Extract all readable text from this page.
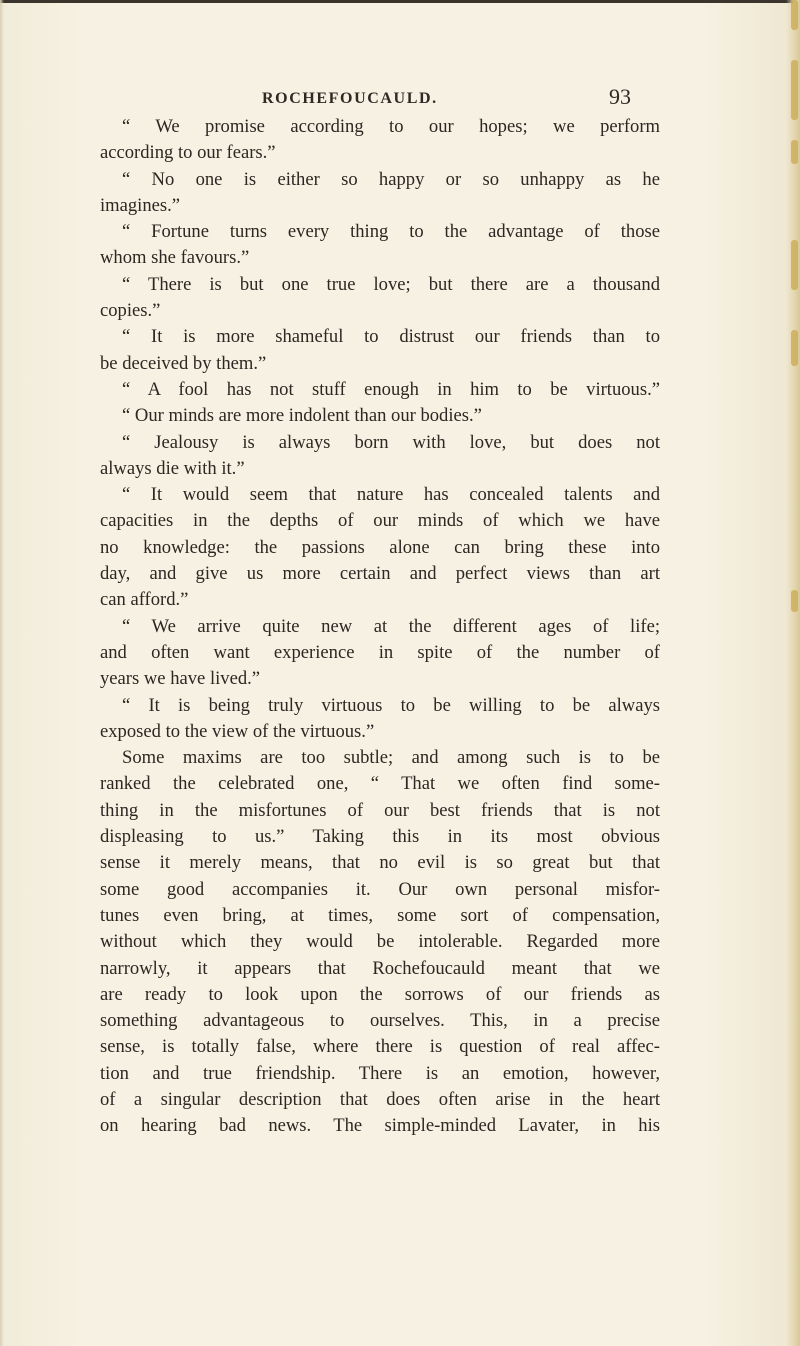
ROCHEFOUCAULD.	93
“ We promise according to our hopes; we perform
according to our fears.”
“ No one is either so happy or so unhappy as he
imagines.”
“ Fortune turns every thing to the advantage of those
whom she favours.”
“ There is but one true love; but there are a thousand
copies.”
“ It is more shameful to distrust our friends than to
be deceived by them.”
“ A fool has not stuff enough in him to be virtuous.”
“ Our minds are more indolent than our bodies.”
“ Jealousy is always born with love, but does not
always die with it.”
“ It would seem that nature has concealed talents and
capacities in the depths of our minds of which we have
no knowledge: the passions alone can bring these into
day, and give us more certain and perfect views than art
can afford.”
“ We arrive quite new at the different ages of life;
and often want experience in spite of the number of
years we have lived.”
“ It is being truly virtuous to be willing to be always
exposed to the view of the virtuous.”
Some maxims are too subtle; and among such is to be
ranked the celebrated one, “ That we often find some-
thing in the misfortunes of our best friends that is not
displeasing to us.” Taking this in its most obvious
sense it merely means, that no evil is so great but that
some good accompanies it. Our own personal misfor-
tunes even bring, at times, some sort of compensation,
without which they would be intolerable. Regarded more
narrowly, it appears that Rochefoucauld meant that we
are ready to look upon the sorrows of our friends as
something advantageous to ourselves. This, in a precise
sense, is totally false, where there is question of real affec-
tion and true friendship. There is an emotion, however,
of a singular description that does often arise in the heart
on hearing bad news. The simple-minded Lavater, in his
